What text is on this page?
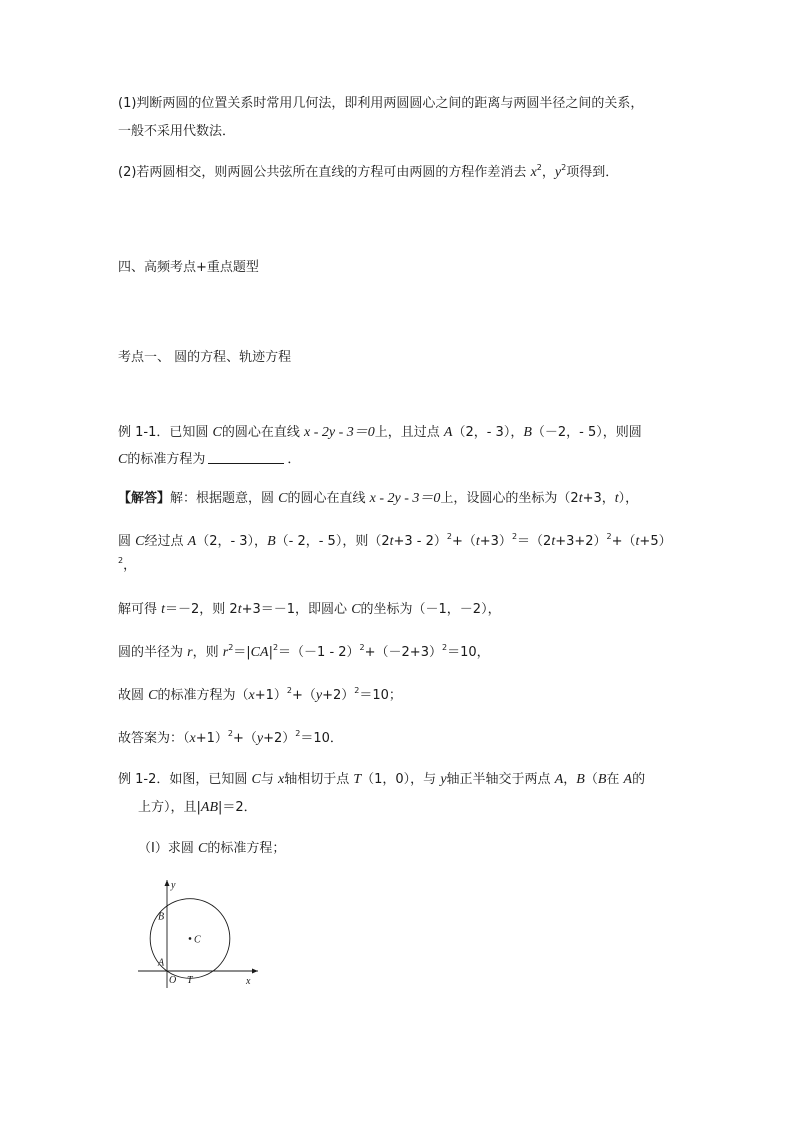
(1)判断两圆的位置关系时常用几何法，即利用两圆圆心之间的距离与两圆半径之间的关系，
一般不采用代数法．
(2)若两圆相交，则两圆公共弦所在直线的方程可由两圆的方程作差消去 $x^2$，$y^2$项得到．
四、高频考点+重点题型
考点一、 圆的方程、轨迹方程
例 1-1．已知圆 C的圆心在直线 x - 2y - 3＝0上，且过点 A（2，- 3），B（－2，- 5），则圆
C的标准方程为	．
【解答】解：根据题意，圆 C的圆心在直线 x - 2y - 3＝0上，设圆心的坐标为（2t+3，t），
圆 C经过点 A（2，- 3），B（- 2，- 5），则$(2t+3 - 2)^2+(t+3)^2=(2t+3+2)^2+(t+5)$
$^2$，
解可得 t＝－2，则 2t+3＝－1，即圆心 C的坐标为（－1，－2），
圆的半径为 r，则 $r^2=|CA|^2=(-1 - 2)^2+(-2+3)^2=10$，
故圆 C的标准方程为$(x+1)^2+(y+2)^2=10$；
故答案为：$(x+1)^2+(y+2)^2=10$．
例 1-2．如图，已知圆 C与 x轴相切于点 T（1，0），与 y轴正半轴交于两点 A，B（B在 A的
上方），且|AB|＝2．
（Ⅰ）求圆 C的标准方程；
y
x
B
A
C
O T
